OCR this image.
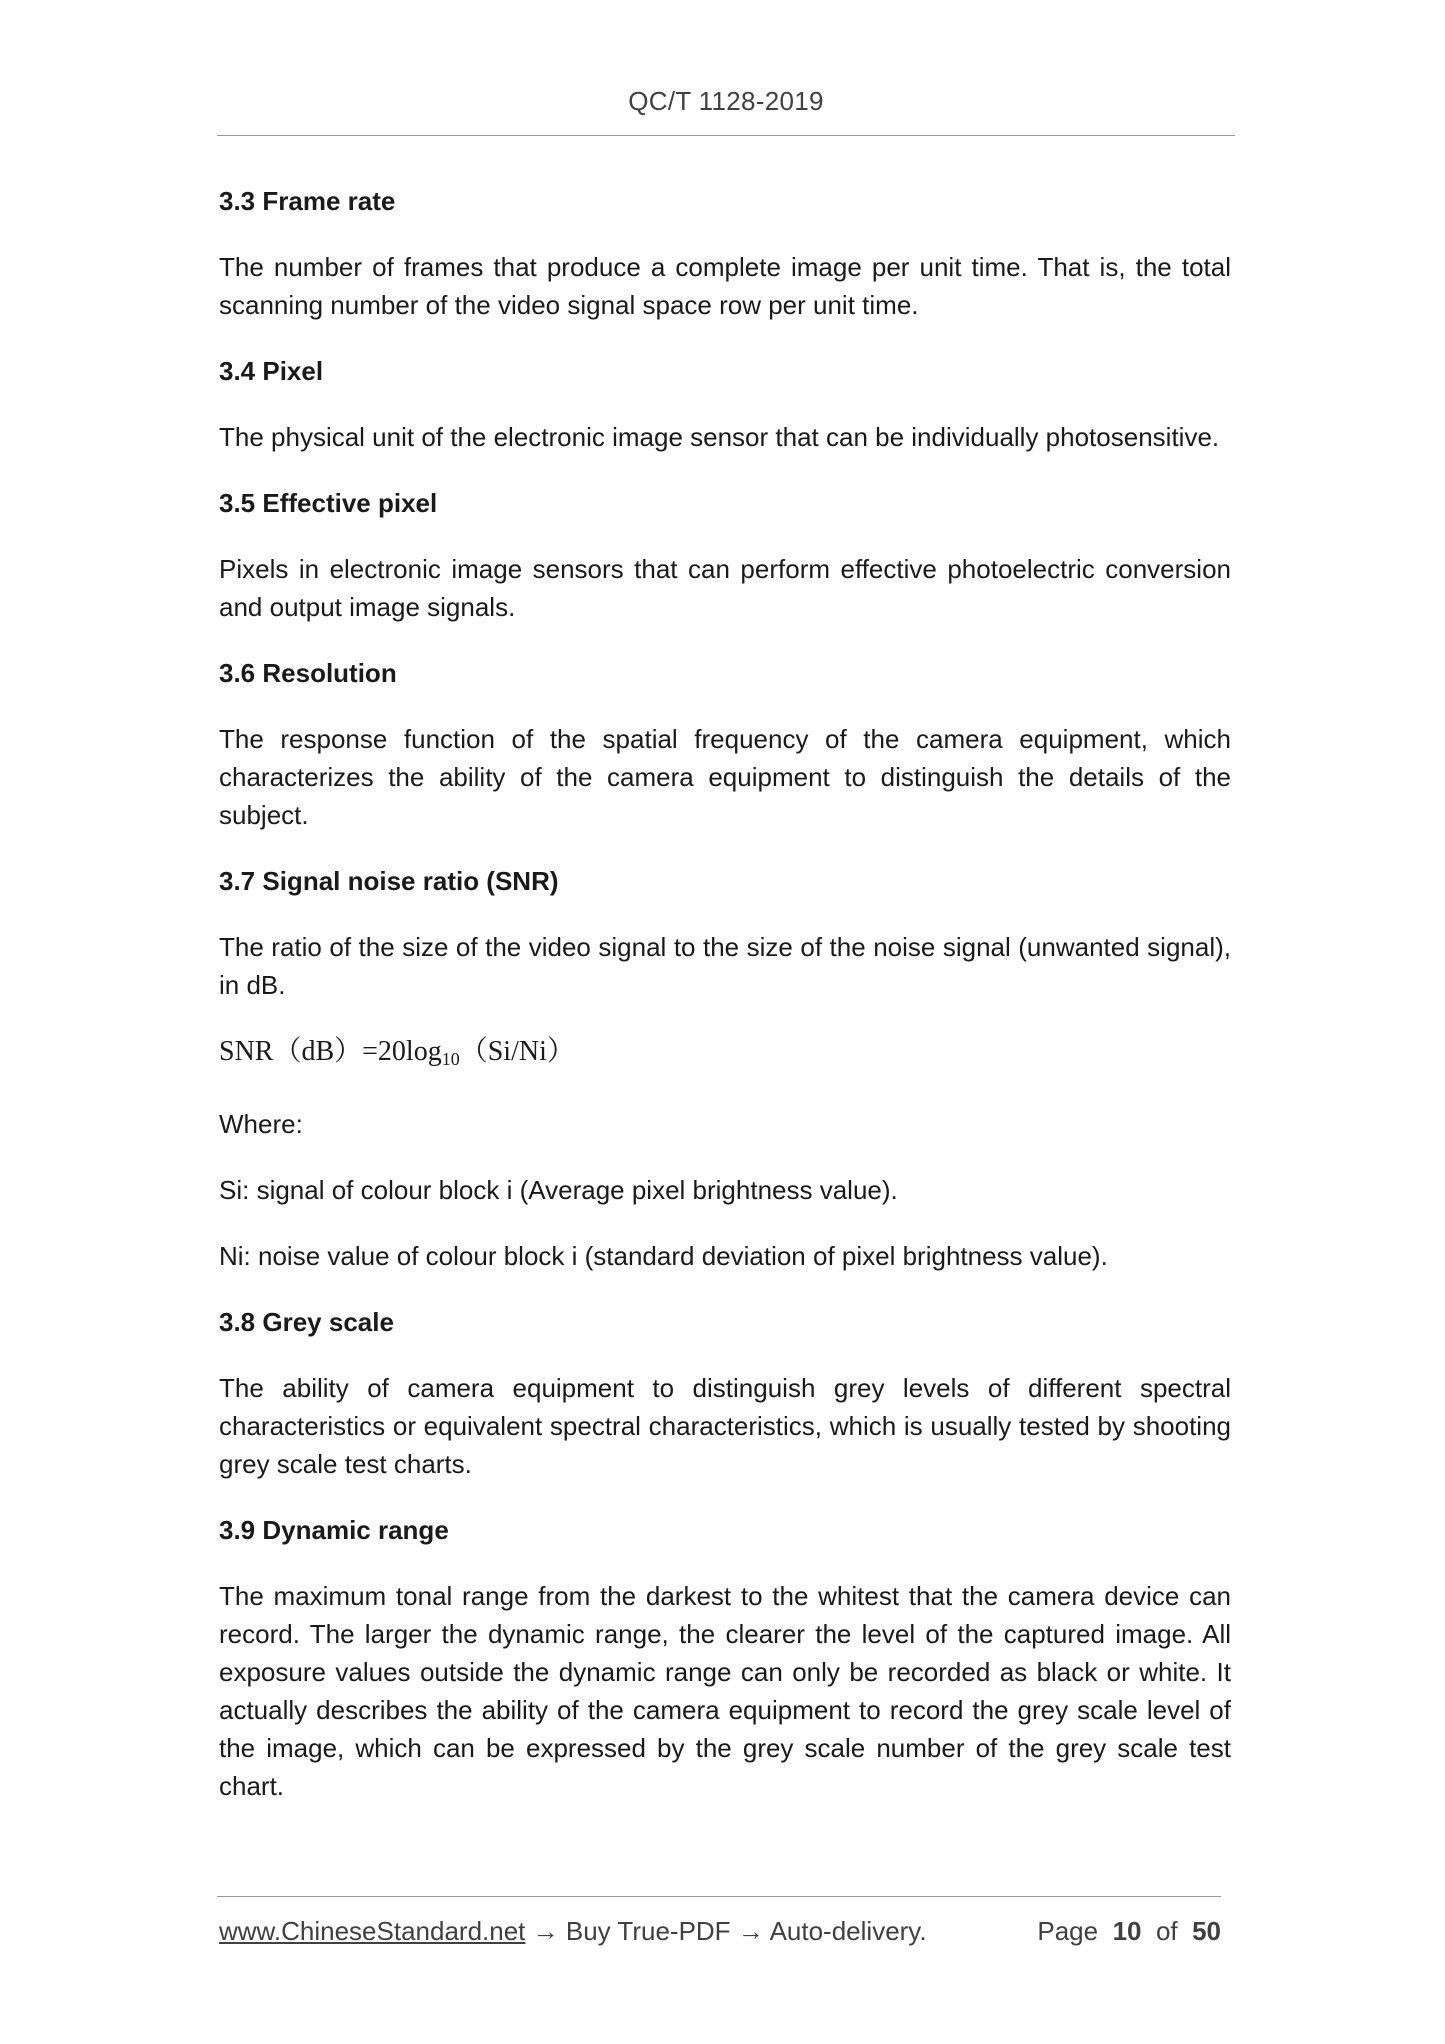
QC/T 1128-2019
3.3 Frame rate

The number of frames that produce a complete image per unit time. That is, the total scanning number of the video signal space row per unit time.

3.4 Pixel

The physical unit of the electronic image sensor that can be individually photosensitive.

3.5 Effective pixel

Pixels in electronic image sensors that can perform effective photoelectric conversion and output image signals.

3.6 Resolution

The response function of the spatial frequency of the camera equipment, which characterizes the ability of the camera equipment to distinguish the details of the subject.

3.7 Signal noise ratio (SNR)

The ratio of the size of the video signal to the size of the noise signal (unwanted signal), in dB.

$SNR(dB)=20\log_{10}(Si/Ni)$

Where:

Si: signal of colour block i (Average pixel brightness value).

Ni: noise value of colour block i (standard deviation of pixel brightness value).

3.8 Grey scale

The ability of camera equipment to distinguish grey levels of different spectral characteristics or equivalent spectral characteristics, which is usually tested by shooting grey scale test charts.

3.9 Dynamic range

The maximum tonal range from the darkest to the whitest that the camera device can record. The larger the dynamic range, the clearer the level of the captured image. All exposure values outside the dynamic range can only be recorded as black or white. It actually describes the ability of the camera equipment to record the grey scale level of the image, which can be expressed by the grey scale number of the grey scale test chart.

www.ChineseStandard.net → Buy True-PDF → Auto-delivery.	Page 10 of 50
